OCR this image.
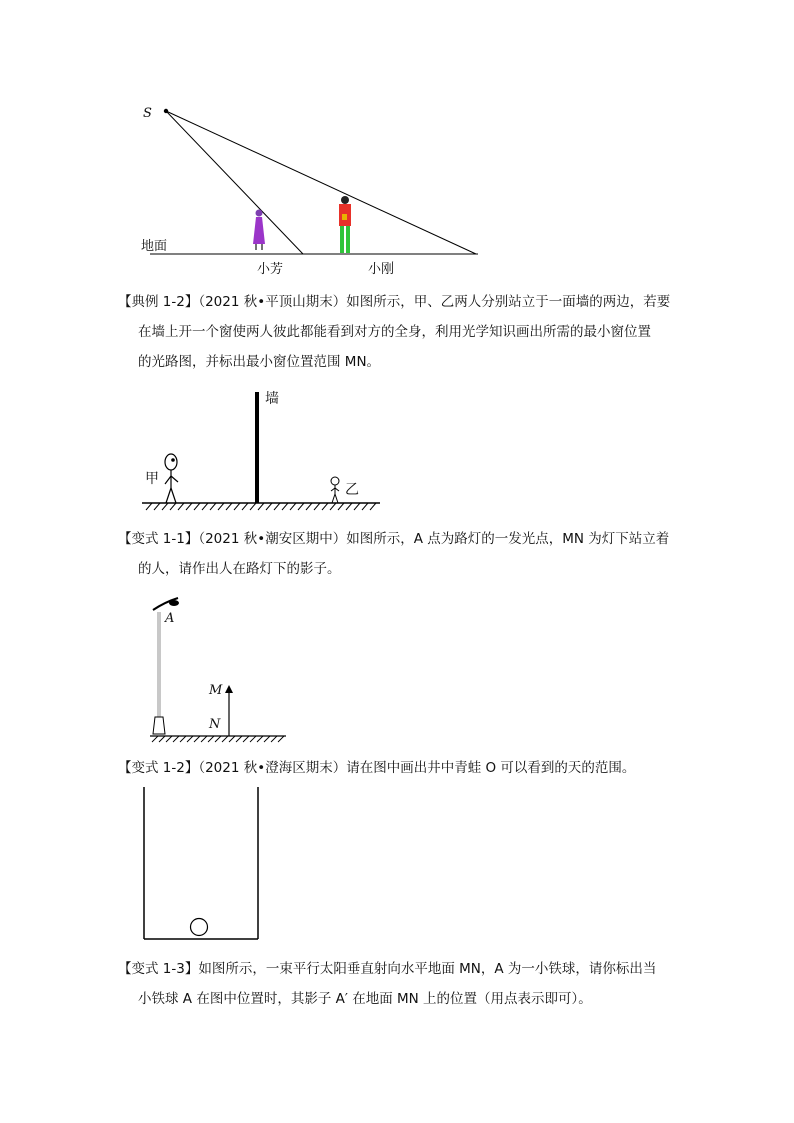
S
地面
小芳	小刚
【典例 1-2】（2021 秋•平顶山期末）如图所示，甲、乙两人分别站立于一面墙的两边，若要
在墙上开一个窗使两人彼此都能看到对方的全身，利用光学知识画出所需的最小窗位置
的光路图，并标出最小窗位置范围 MN。
墙
甲
乙
【变式 1-1】（2021 秋•潮安区期中）如图所示，A 点为路灯的一发光点，MN 为灯下站立着
的人，请作出人在路灯下的影子。
A
M
N
【变式 1-2】（2021 秋•澄海区期末）请在图中画出井中青蛙 O 可以看到的天的范围。
【变式 1-3】如图所示，一束平行太阳垂直射向水平地面 MN，A 为一小铁球，请你标出当
小铁球 A 在图中位置时，其影子 A′ 在地面 MN 上的位置（用点表示即可）。
